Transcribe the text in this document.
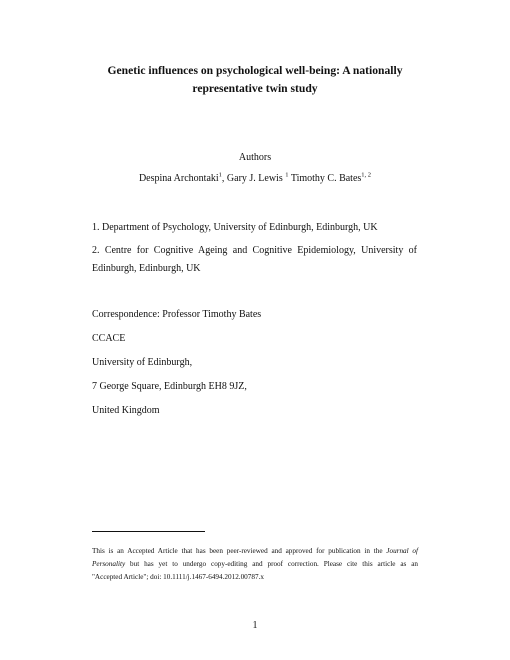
Genetic influences on psychological well-being: A nationally
representative twin study
Authors
Despina Archontaki$^1$, Gary J. Lewis $^1$ Timothy C. Bates$^{1, 2}$
1. Department of Psychology, University of Edinburgh, Edinburgh, UK
2. Centre for Cognitive Ageing and Cognitive Epidemiology, University of
Edinburgh, Edinburgh, UK
Correspondence: Professor Timothy Bates
CCACE
University of Edinburgh,
7 George Square, Edinburgh EH8 9JZ,
United Kingdom
This is an Accepted Article that has been peer-reviewed and approved for publication in the Journal of
Personality but has yet to undergo copy-editing and proof correction. Please cite this article as an
"Accepted Article"; doi: 10.1111/j.1467-6494.2012.00787.x
1
